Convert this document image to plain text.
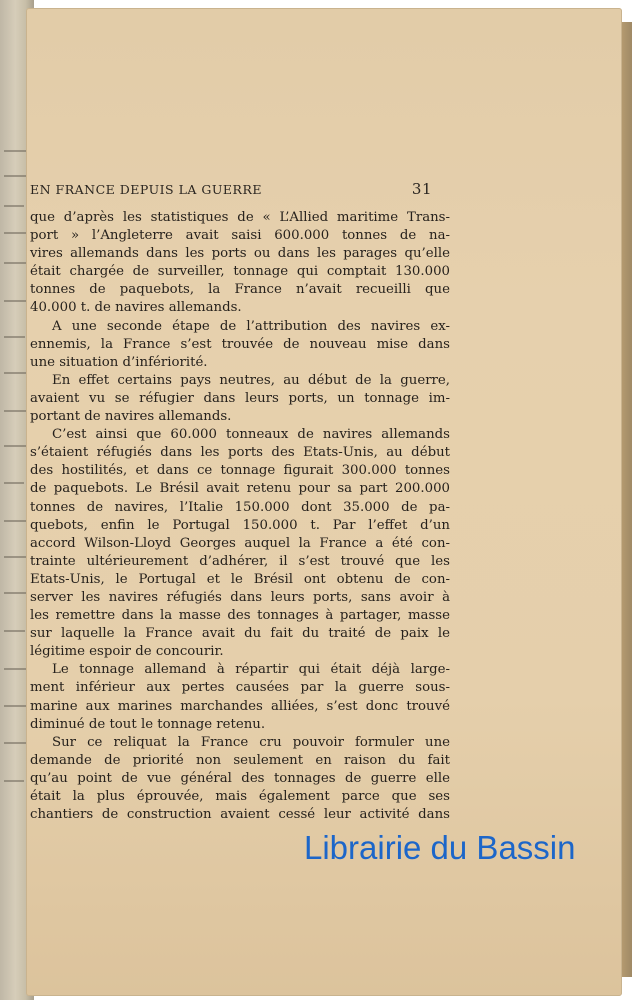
EN FRANCE DEPUIS LA GUERRE	31
que d’après les statistiques de « L’Allied maritime Trans-
port » l’Angleterre avait saisi 600.000 tonnes de na-
vires allemands dans les ports ou dans les parages qu’elle
était chargée de surveiller, tonnage qui comptait 130.000
tonnes de paquebots, la France n’avait recueilli que
40.000 t. de navires allemands.
A une seconde étape de l’attribution des navires ex-
ennemis, la France s’est trouvée de nouveau mise dans
une situation d’infériorité.
En effet certains pays neutres, au début de la guerre,
avaient vu se réfugier dans leurs ports, un tonnage im-
portant de navires allemands.
C’est ainsi que 60.000 tonneaux de navires allemands
s’étaient réfugiés dans les ports des Etats-Unis, au début
des hostilités, et dans ce tonnage figurait 300.000 tonnes
de paquebots. Le Brésil avait retenu pour sa part 200.000
tonnes de navires, l’Italie 150.000 dont 35.000 de pa-
quebots, enfin le Portugal 150.000 t. Par l’effet d’un
accord Wilson-Lloyd Georges auquel la France a été con-
trainte ultérieurement d’adhérer, il s’est trouvé que les
Etats-Unis, le Portugal et le Brésil ont obtenu de con-
server les navires réfugiés dans leurs ports, sans avoir à
les remettre dans la masse des tonnages à partager, masse
sur laquelle la France avait du fait du traité de paix le
légitime espoir de concourir.
Le tonnage allemand à répartir qui était déjà large-
ment inférieur aux pertes causées par la guerre sous-
marine aux marines marchandes alliées, s’est donc trouvé
diminué de tout le tonnage retenu.
Sur ce reliquat la France cru pouvoir formuler une
demande de priorité non seulement en raison du fait
qu’au point de vue général des tonnages de guerre elle
était la plus éprouvée, mais également parce que ses
chantiers de construction avaient cessé leur activité dans
Librairie du Bassin
